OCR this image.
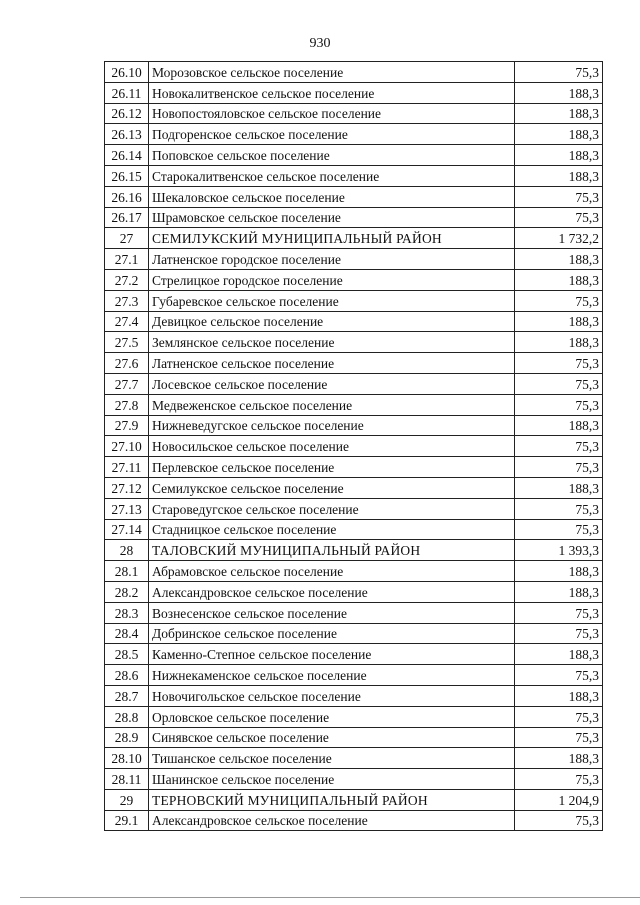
930
26.10	Морозовское сельское поселение	75,3
26.11	Новокалитвенское сельское поселение	188,3
26.12	Новопостояловское сельское поселение	188,3
26.13	Подгоренское сельское поселение	188,3
26.14	Поповское сельское поселение	188,3
26.15	Старокалитвенское сельское поселение	188,3
26.16	Шекаловское сельское поселение	75,3
26.17	Шрамовское сельское поселение	75,3
27	СЕМИЛУКСКИЙ МУНИЦИПАЛЬНЫЙ РАЙОН	1 732,2
27.1	Латненское городское поселение	188,3
27.2	Стрелицкое городское поселение	188,3
27.3	Губаревское сельское поселение	75,3
27.4	Девицкое сельское поселение	188,3
27.5	Землянское сельское поселение	188,3
27.6	Латненское сельское поселение	75,3
27.7	Лосевское сельское поселение	75,3
27.8	Медвеженское сельское поселение	75,3
27.9	Нижневедугское сельское поселение	188,3
27.10	Новосильское сельское поселение	75,3
27.11	Перлевское сельское поселение	75,3
27.12	Семилукское сельское поселение	188,3
27.13	Староведугское сельское поселение	75,3
27.14	Стадницкое сельское поселение	75,3
28	ТАЛОВСКИЙ МУНИЦИПАЛЬНЫЙ РАЙОН	1 393,3
28.1	Абрамовское сельское поселение	188,3
28.2	Александровское сельское поселение	188,3
28.3	Вознесенское сельское поселение	75,3
28.4	Добринское сельское поселение	75,3
28.5	Каменно-Степное сельское поселение	188,3
28.6	Нижнекаменское сельское поселение	75,3
28.7	Новочигольское сельское поселение	188,3
28.8	Орловское сельское поселение	75,3
28.9	Синявское сельское поселение	75,3
28.10	Тишанское сельское поселение	188,3
28.11	Шанинское сельское поселение	75,3
29	ТЕРНОВСКИЙ МУНИЦИПАЛЬНЫЙ РАЙОН	1 204,9
29.1	Александровское сельское поселение	75,3
